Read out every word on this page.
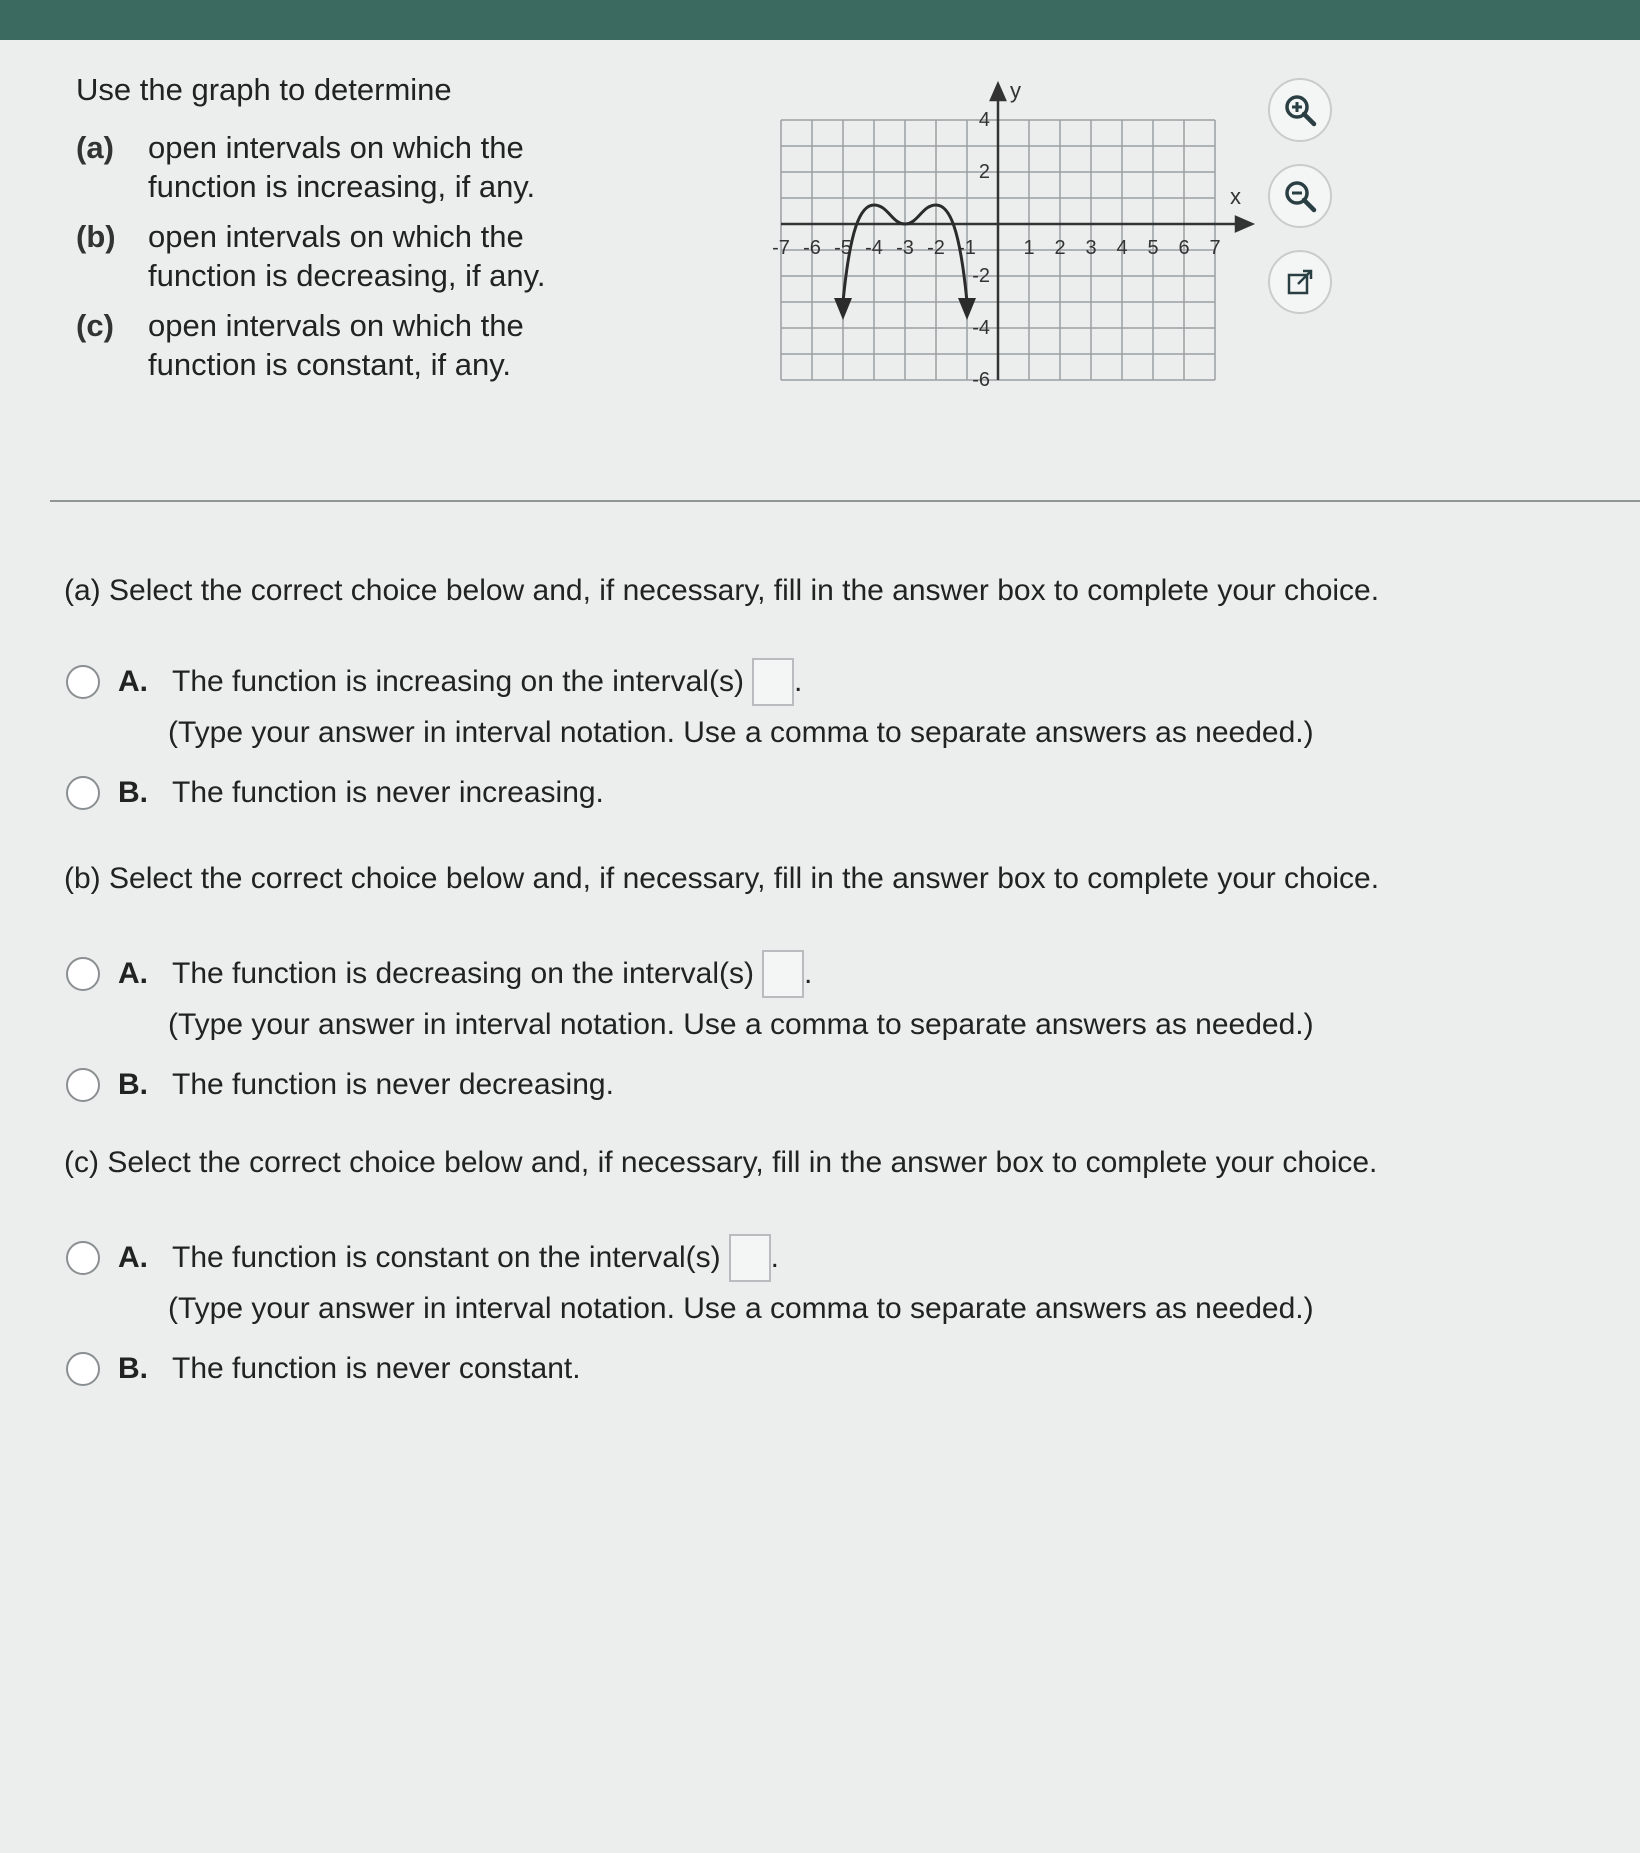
Use the graph to determine
(a)	open intervals on which the function is increasing, if any.
(b)	open intervals on which the function is decreasing, if any.
(c)	open intervals on which the function is constant, if any.
x
y
-7 -6 -5 -4 -3 -2 -1 1 2 3 4 5 6 7
4
2
-2
-4
-6
(a) Select the correct choice below and, if necessary, fill in the answer box to complete your choice.
A. The function is increasing on the interval(s) .
(Type your answer in interval notation. Use a comma to separate answers as needed.)
B. The function is never increasing.
(b) Select the correct choice below and, if necessary, fill in the answer box to complete your choice.
A. The function is decreasing on the interval(s) .
(Type your answer in interval notation. Use a comma to separate answers as needed.)
B. The function is never decreasing.
(c) Select the correct choice below and, if necessary, fill in the answer box to complete your choice.
A. The function is constant on the interval(s) .
(Type your answer in interval notation. Use a comma to separate answers as needed.)
B. The function is never constant.
